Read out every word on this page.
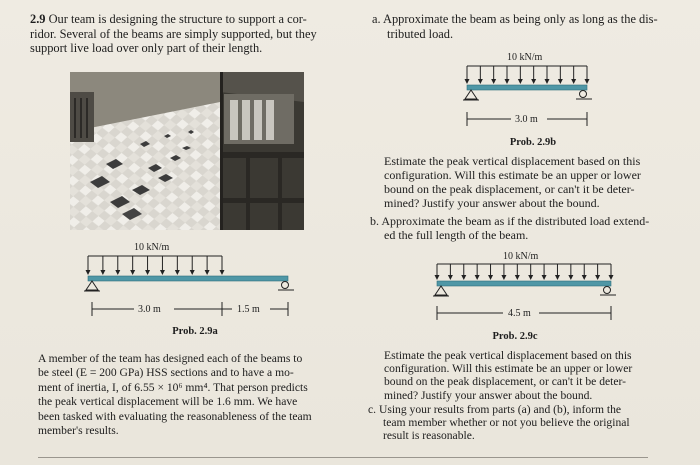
2.9 Our team is designing the structure to support a cor-
ridor. Several of the beams are simply supported, but they
support live load over only part of their length.
10 kN/m
3.0 m	1.5 m
Prob. 2.9a
A member of the team has designed each of the beams to
be steel (E = 200 GPa) HSS sections and to have a mo-
ment of inertia, I, of 6.55 × 10⁶ mm⁴. That person predicts
the peak vertical displacement will be 1.6 mm. We have
been tasked with evaluating the reasonableness of the team
member's results.
a. Approximate the beam as being only as long as the dis-
tributed load.
10 kN/m
3.0 m
Prob. 2.9b
Estimate the peak vertical displacement based on this
configuration. Will this estimate be an upper or lower
bound on the peak displacement, or can't it be deter-
mined? Justify your answer about the bound.
b. Approximate the beam as if the distributed load extend-
ed the full length of the beam.
10 kN/m
4.5 m
Prob. 2.9c
Estimate the peak vertical displacement based on this
configuration. Will this estimate be an upper or lower
bound on the peak displacement, or can't it be deter-
mined? Justify your answer about the bound.
c. Using your results from parts (a) and (b), inform the
team member whether or not you believe the original
result is reasonable.
